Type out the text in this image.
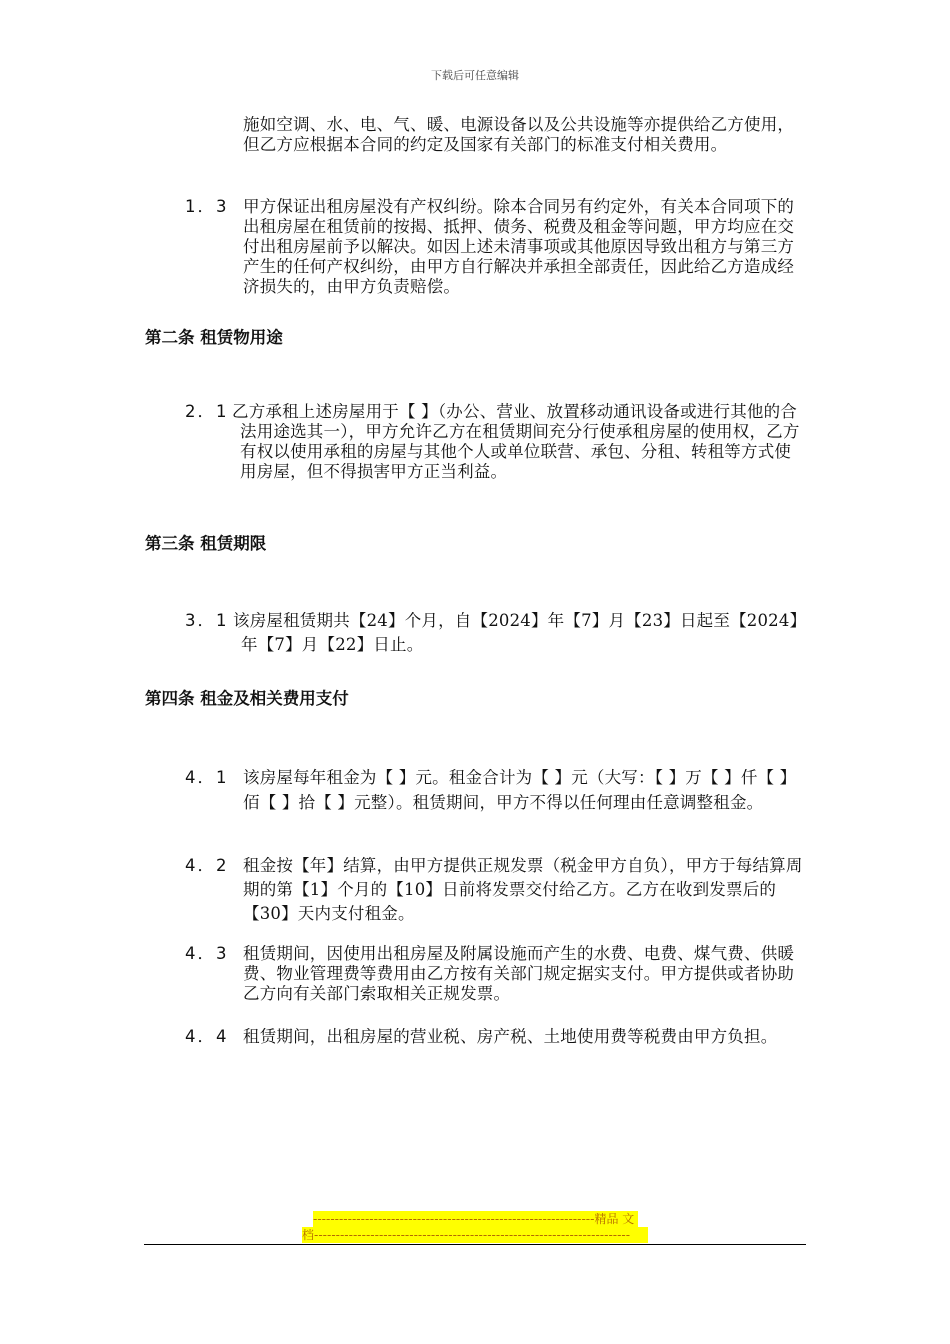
下载后可任意编辑
施如空调、水、电、气、暖、电源设备以及公共设施等亦提供给乙方使用，但乙方应根据本合同的约定及国家有关部门的标准支付相关费用。
1．3 甲方保证出租房屋没有产权纠纷。除本合同另有约定外，有关本合同项下的出租房屋在租赁前的按揭、抵押、债务、税费及租金等问题，甲方均应在交付出租房屋前予以解决。如因上述未清事项或其他原因导致出租方与第三方产生的任何产权纠纷，由甲方自行解决并承担全部责任，因此给乙方造成经济损失的，由甲方负责赔偿。
第二条 租赁物用途
2．1 乙方承租上述房屋用于【 】（办公、营业、放置移动通讯设备或进行其他的合法用途选其一），甲方允许乙方在租赁期间充分行使承租房屋的使用权，乙方有权以使用承租的房屋与其他个人或单位联营、承包、分租、转租等方式使用房屋，但不得损害甲方正当利益。
第三条 租赁期限
3．1 该房屋租赁期共【24】个月，自【2024】年【7】月【23】日起至【2024】年【7】月【22】日止。
第四条 租金及相关费用支付
4．1 该房屋每年租金为【 】元。租金合计为【 】元（大写：【 】万【 】仟【 】佰【 】拾【 】元整）。租赁期间，甲方不得以任何理由任意调整租金。
4．2 租金按【年】结算，由甲方提供正规发票（税金甲方自负），甲方于每结算周期的第【1】个月的【10】日前将发票交付给乙方。乙方在收到发票后的【30】天内支付租金。
4．3 租赁期间，因使用出租房屋及附属设施而产生的水费、电费、煤气费、供暖费、物业管理费等费用由乙方按有关部门规定据实支付。甲方提供或者协助乙方向有关部门索取相关正规发票。
4．4 租赁期间，出租房屋的营业税、房产税、土地使用费等税费由甲方负担。
-----------------------------------------------------------------精品 文
档-------------------------------------------------------------------------
